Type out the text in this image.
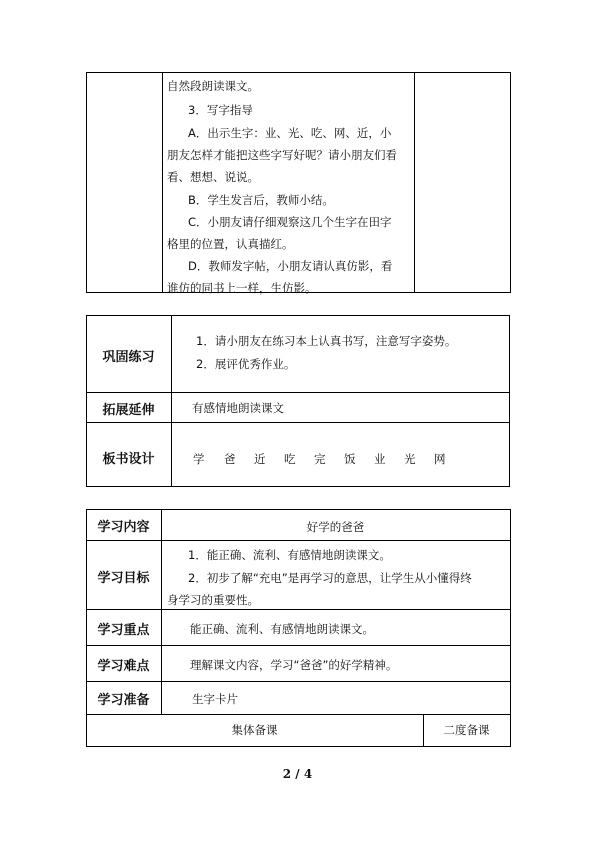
自然段朗读课文。
3．写字指导
A．出示生字：业、光、吃、网、近，小
朋友怎样才能把这些字写好呢？请小朋友们看
看、想想、说说。
B．学生发言后，教师小结。
C．小朋友请仔细观察这几个生字在田字
格里的位置，认真描红。
D．教师发字帖，小朋友请认真仿影，看
谁仿的同书上一样，生仿影。
巩固练习
1．请小朋友在练习本上认真书写，注意写字姿势。
2．展评优秀作业。
拓展延伸	有感情地朗读课文
板书设计	学 爸 近 吃 完 饭 业 光 网
学习内容	好学的爸爸
学习目标
1．能正确、流利、有感情地朗读课文。
2．初步了解“充电”是再学习的意思，让学生从小懂得终
身学习的重要性。
学习重点	能正确、流利、有感情地朗读课文。
学习难点	理解课文内容，学习“爸爸”的好学精神。
学习准备	生字卡片
集体备课	二度备课
2 / 4
